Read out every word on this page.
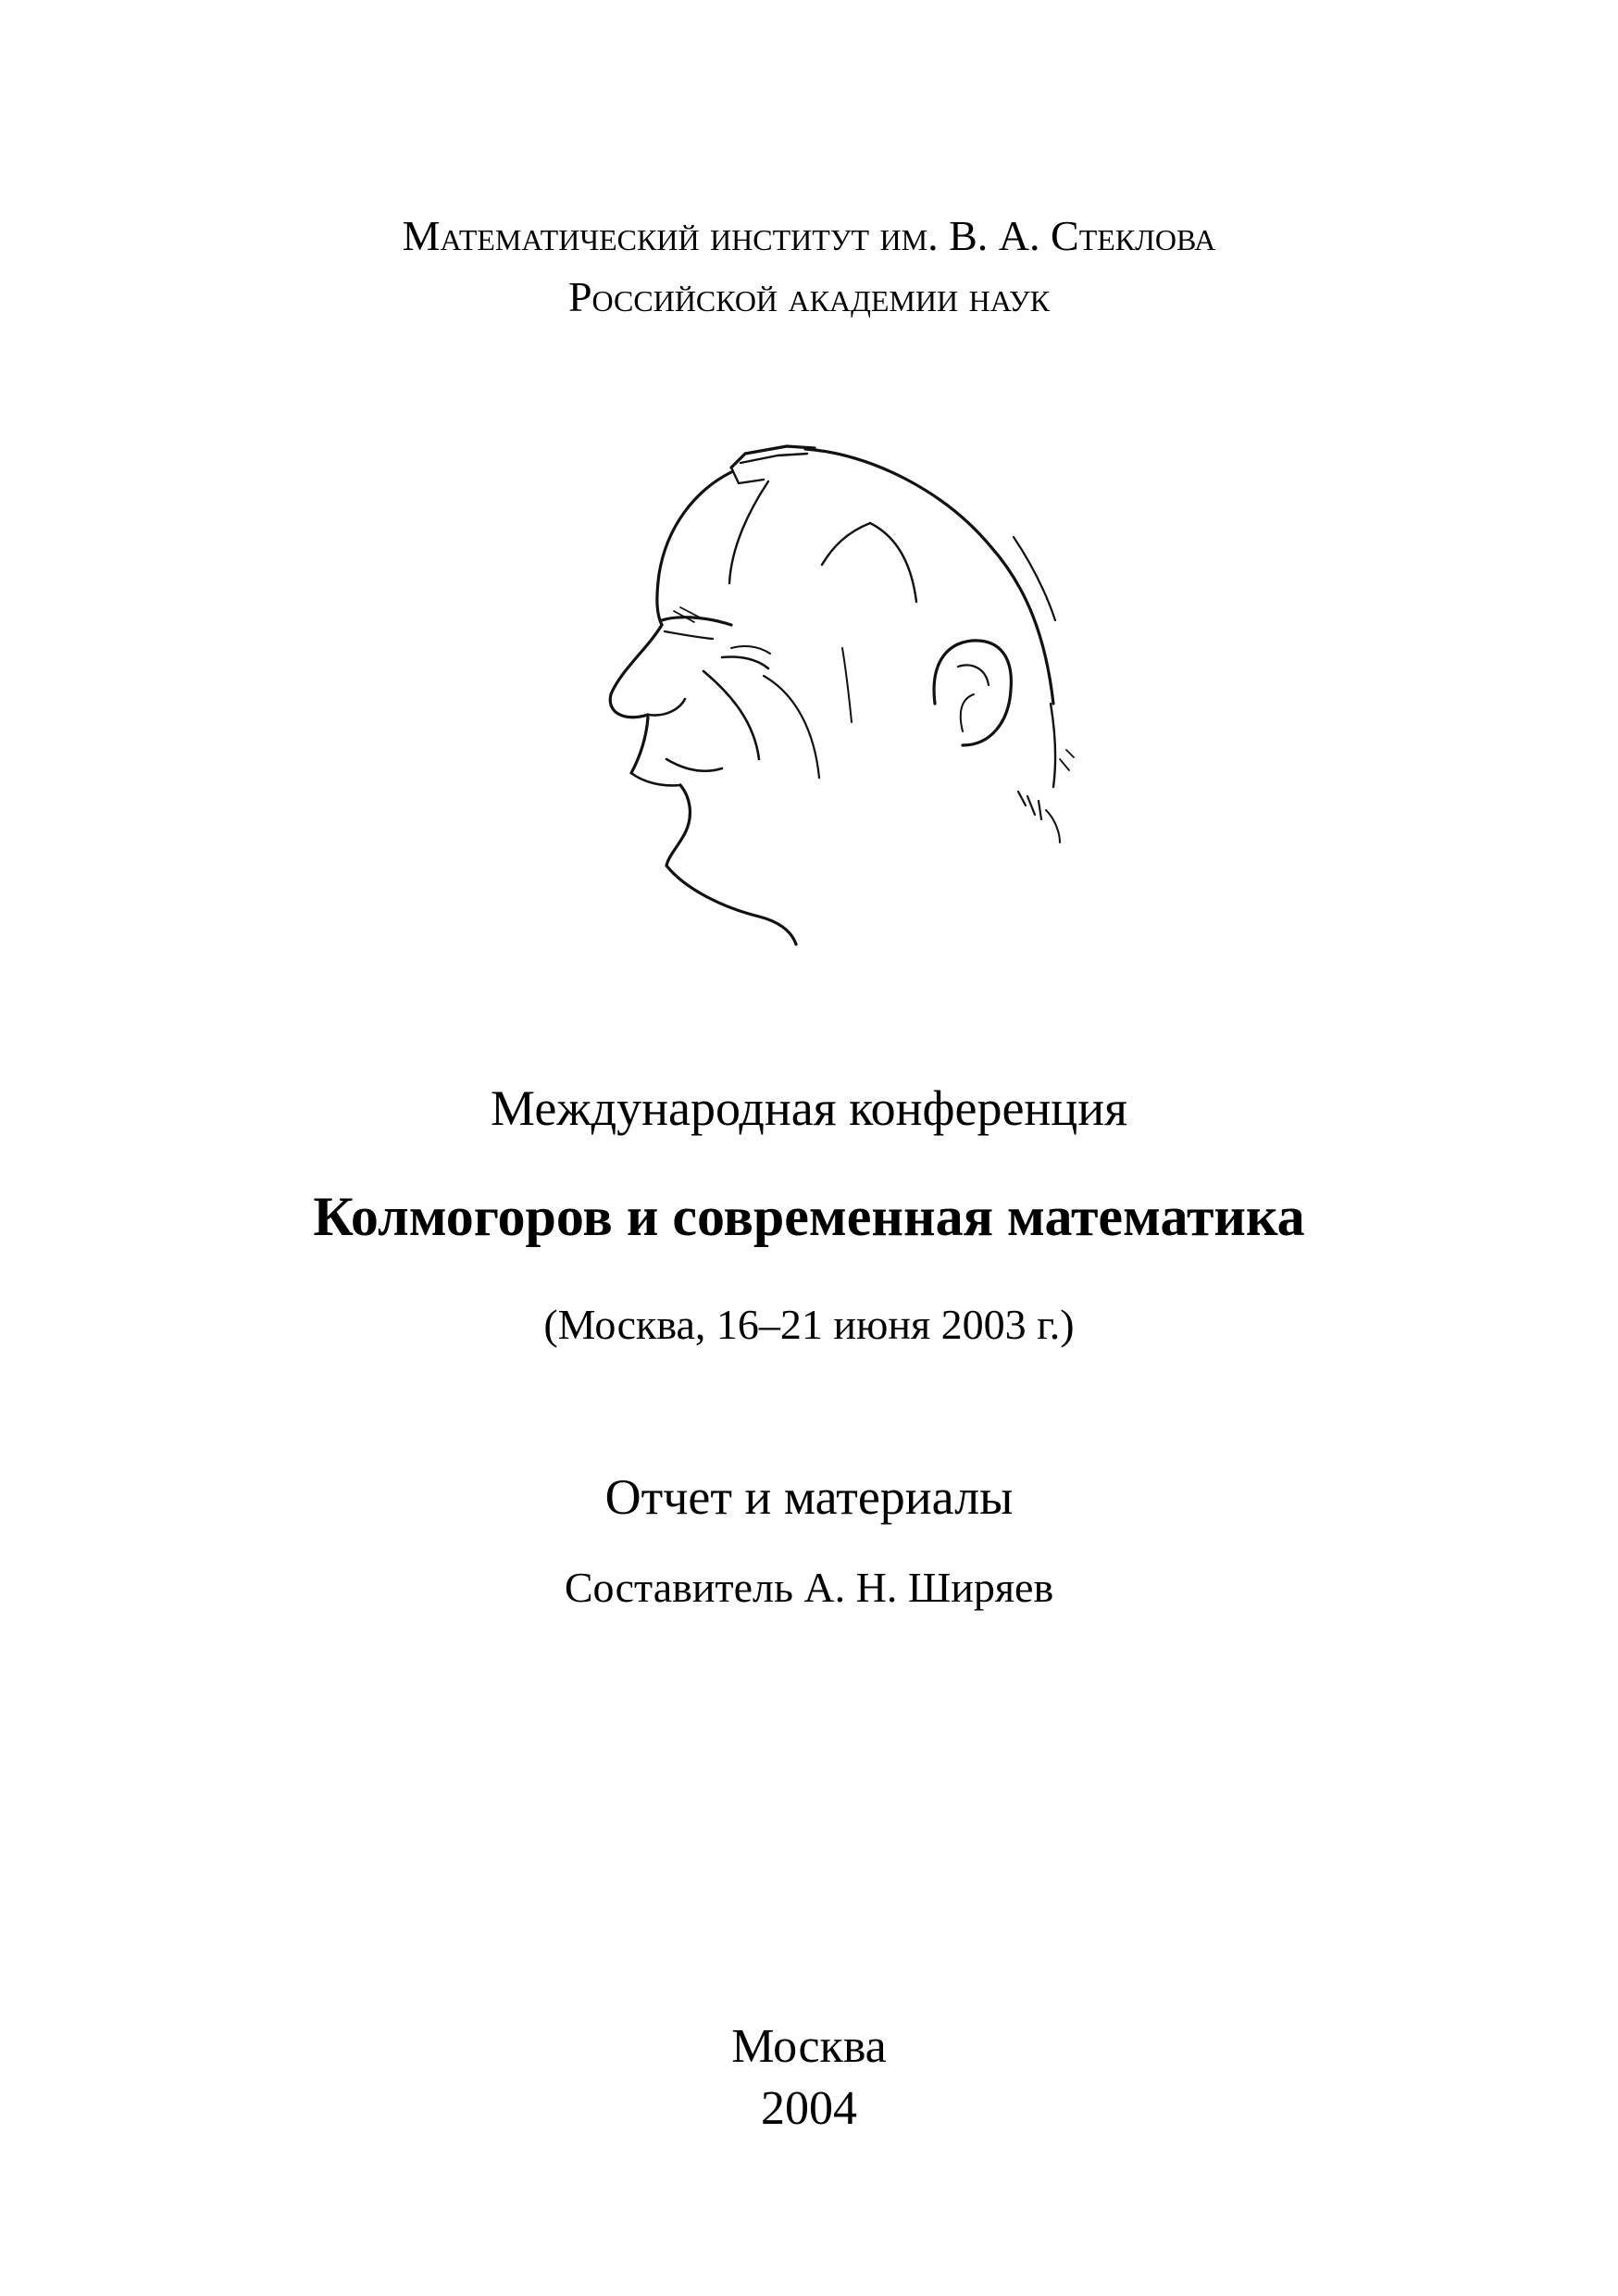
Математический институт им. В. А. Стеклова
Российской академии наук
Международная конференция
Колмогоров и современная математика
(Москва, 16–21 июня 2003 г.)
Отчет и материалы
Составитель А. Н. Ширяев
Москва
2004
